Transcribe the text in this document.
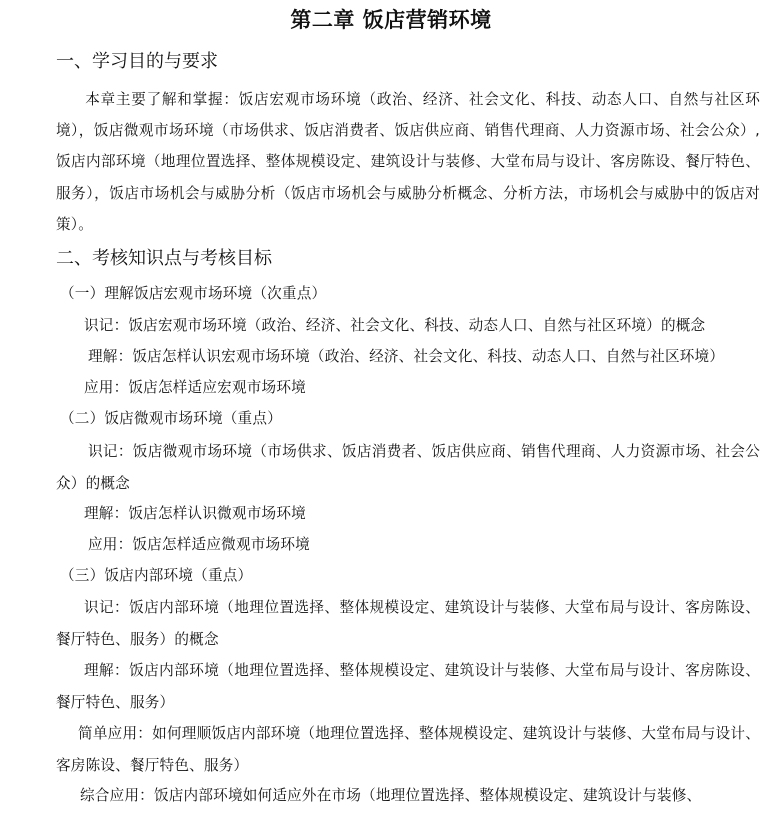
第二章 饭店营销环境
一、学习目的与要求
本章主要了解和掌握：饭店宏观市场环境（政治、经济、社会文化、科技、动态人口、自然与社区环境），饭店微观市场环境（市场供求、饭店消费者、饭店供应商、销售代理商、人力资源市场、社会公众）,饭店内部环境（地理位置选择、整体规模设定、建筑设计与装修、大堂布局与设计、客房陈设、餐厅特色、服务），饭店市场机会与威胁分析（饭店市场机会与威胁分析概念、分析方法，市场机会与威胁中的饭店对策）。
二、考核知识点与考核目标
（一）理解饭店宏观市场环境（次重点）
识记：饭店宏观市场环境（政治、经济、社会文化、科技、动态人口、自然与社区环境）的概念
理解：饭店怎样认识宏观市场环境（政治、经济、社会文化、科技、动态人口、自然与社区环境）
应用：饭店怎样适应宏观市场环境
（二）饭店微观市场环境（重点）
识记：饭店微观市场环境（市场供求、饭店消费者、饭店供应商、销售代理商、人力资源市场、社会公众）的概念
理解：饭店怎样认识微观市场环境
应用：饭店怎样适应微观市场环境
（三）饭店内部环境（重点）
识记：饭店内部环境（地理位置选择、整体规模设定、建筑设计与装修、大堂布局与设计、客房陈设、餐厅特色、服务）的概念
理解：饭店内部环境（地理位置选择、整体规模设定、建筑设计与装修、大堂布局与设计、客房陈设、餐厅特色、服务）
简单应用：如何理顺饭店内部环境（地理位置选择、整体规模设定、建筑设计与装修、大堂布局与设计、客房陈设、餐厅特色、服务）
综合应用：饭店内部环境如何适应外在市场（地理位置选择、整体规模设定、建筑设计与装修、
